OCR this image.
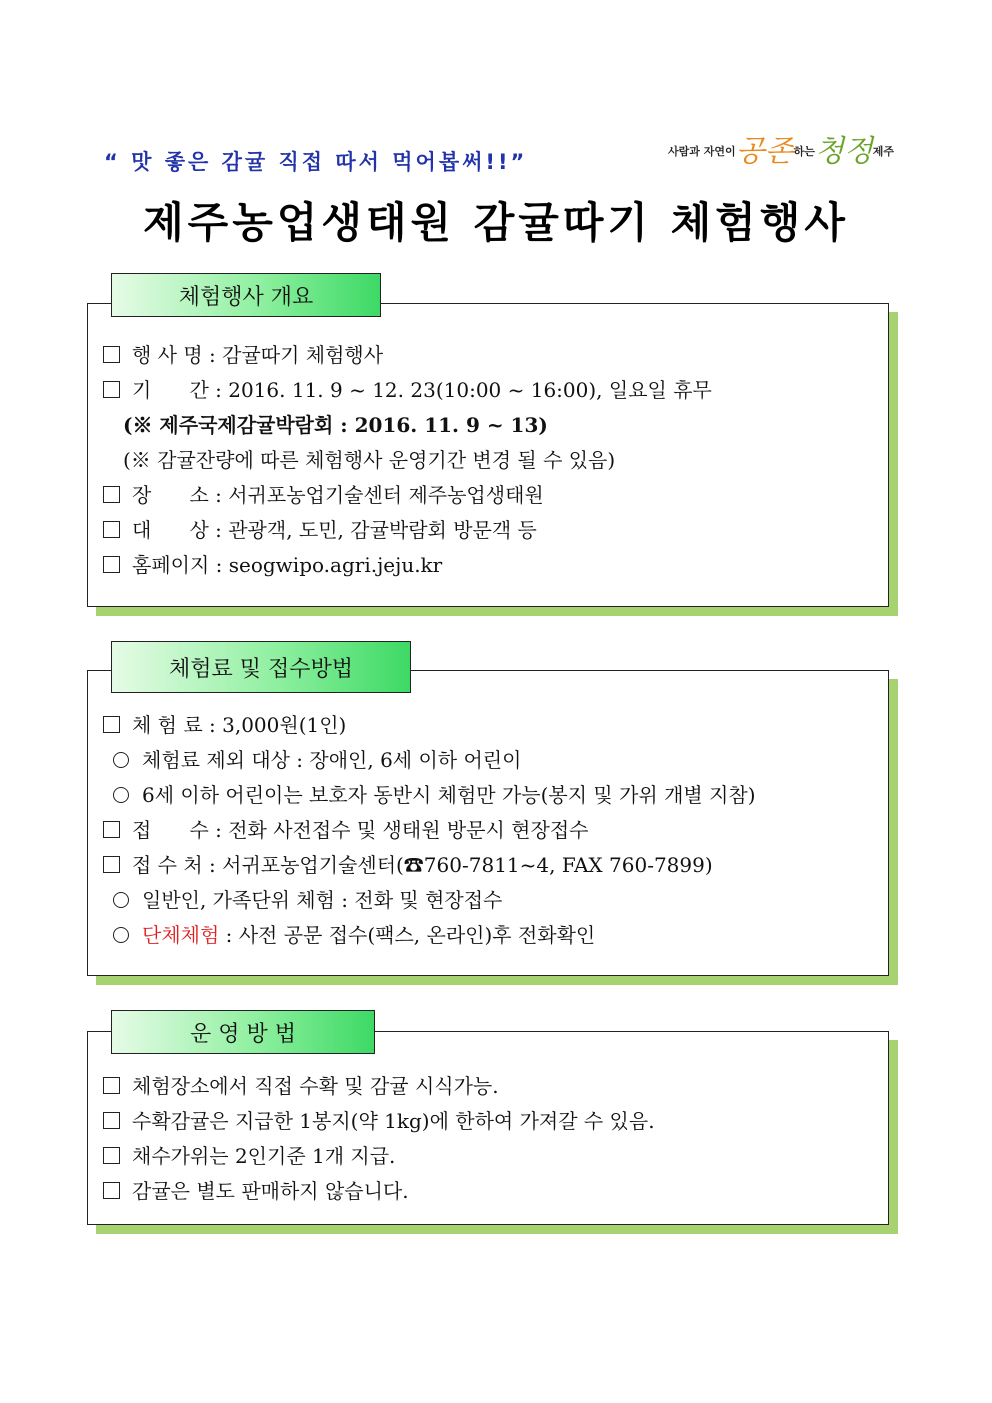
“ 맛 좋은 감귤 직접 따서 먹어봅써!!”	$^{사람과 자연이}$공존$^{하는}$청정$^{제주}$
제주농업생태원 감귤따기 체험행사
체험행사 개요
행 사 명 : 감귤따기 체험행사
기      간 : 2016. 11. 9 ~ 12. 23(10:00 ~ 16:00), 일요일 휴무
(※ 제주국제감귤박람회 : 2016. 11. 9 ~ 13)
(※ 감귤잔량에 따른 체험행사 운영기간 변경 될 수 있음)
장      소 : 서귀포농업기술센터 제주농업생태원
대      상 : 관광객, 도민, 감귤박람회 방문객 등
홈페이지 : seogwipo.agri.jeju.kr
체험료 및 접수방법
체 험 료 : 3,000원(1인)
체험료 제외 대상 : 장애인, 6세 이하 어린이
6세 이하 어린이는 보호자 동반시 체험만 가능(봉지 및 가위 개별 지참)
접      수 : 전화 사전접수 및 생태원 방문시 현장접수
접 수 처 : 서귀포농업기술센터(☎760-7811~4, FAX 760-7899)
일반인, 가족단위 체험 : 전화 및 현장접수
단체체험 : 사전 공문 접수(팩스, 온라인)후 전화확인
운 영 방 법
체험장소에서 직접 수확 및 감귤 시식가능.
수확감귤은 지급한 1봉지(약 1kg)에 한하여 가져갈 수 있음.
채수가위는 2인기준 1개 지급.
감귤은 별도 판매하지 않습니다.
